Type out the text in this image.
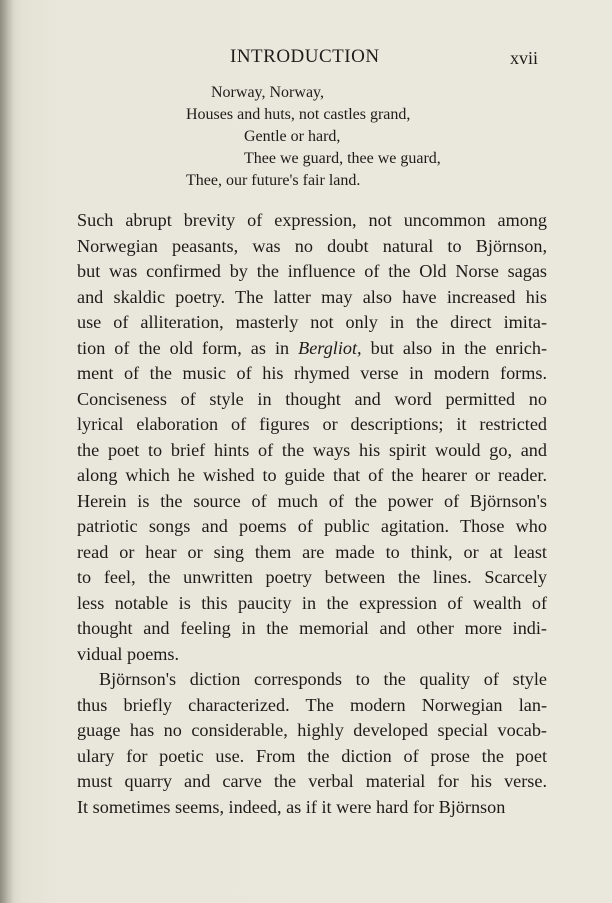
INTRODUCTION	xvii
Norway, Norway,
Houses and huts, not castles grand,
Gentle or hard,
Thee we guard, thee we guard,
Thee, our future's fair land.
Such abrupt brevity of expression, not uncommon among
Norwegian peasants, was no doubt natural to Björnson,
but was confirmed by the influence of the Old Norse sagas
and skaldic poetry. The latter may also have increased his
use of alliteration, masterly not only in the direct imita-
tion of the old form, as in Bergliot, but also in the enrich-
ment of the music of his rhymed verse in modern forms.
Conciseness of style in thought and word permitted no
lyrical elaboration of figures or descriptions; it restricted
the poet to brief hints of the ways his spirit would go, and
along which he wished to guide that of the hearer or reader.
Herein is the source of much of the power of Björnson's
patriotic songs and poems of public agitation. Those who
read or hear or sing them are made to think, or at least
to feel, the unwritten poetry between the lines. Scarcely
less notable is this paucity in the expression of wealth of
thought and feeling in the memorial and other more indi-
vidual poems.
Björnson's diction corresponds to the quality of style
thus briefly characterized. The modern Norwegian lan-
guage has no considerable, highly developed special vocab-
ulary for poetic use. From the diction of prose the poet
must quarry and carve the verbal material for his verse.
It sometimes seems, indeed, as if it were hard for Björnson
